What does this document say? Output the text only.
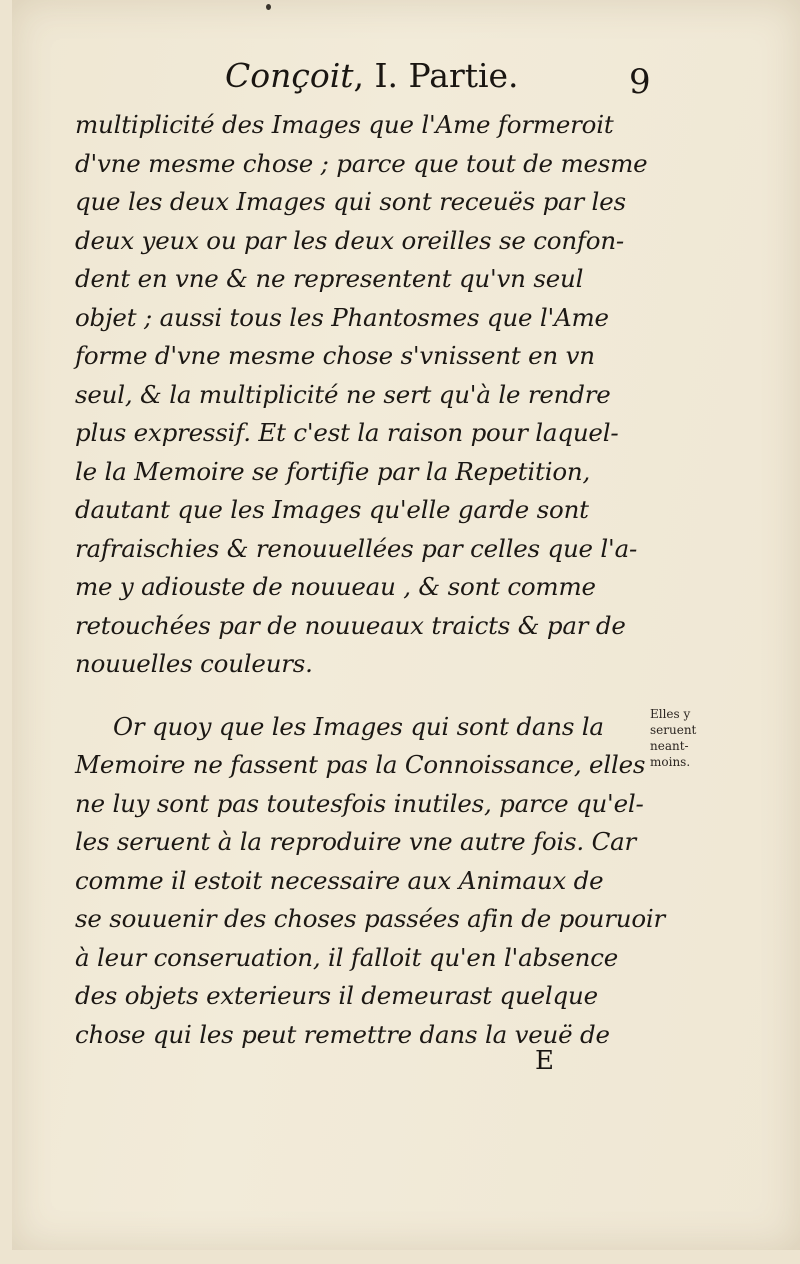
Conçoit, I. Partie.	9
multiplicité des Images que l'Ame formeroit
d'vne mesme chose ; parce que tout de mesme
que les deux Images qui sont receuës par les
deux yeux ou par les deux oreilles se confon-
dent en vne & ne representent qu'vn seul
objet ; aussi tous les Phantosmes que l'Ame
forme d'vne mesme chose s'vnissent en vn
seul, & la multiplicité ne sert qu'à le rendre
plus expressif. Et c'est la raison pour laquel-
le la Memoire se fortifie par la Repetition,
dautant que les Images qu'elle garde sont
rafraischies & renouuellées par celles que l'a-
me y adiouste de nouueau , & sont comme
retouchées par de nouueaux traicts & par de
nouuelles couleurs.
Or quoy que les Images qui sont dans la
Memoire ne fassent pas la Connoissance, elles
ne luy sont pas toutesfois inutiles, parce qu'el-
les seruent à la reproduire vne autre fois. Car
comme il estoit necessaire aux Animaux de
se souuenir des choses passées afin de pouruoir
à leur conseruation, il falloit qu'en l'absence
des objets exterieurs il demeurast quelque
chose qui les peut remettre dans la veuë de
Elles y
seruent
neant-
moins.
E
